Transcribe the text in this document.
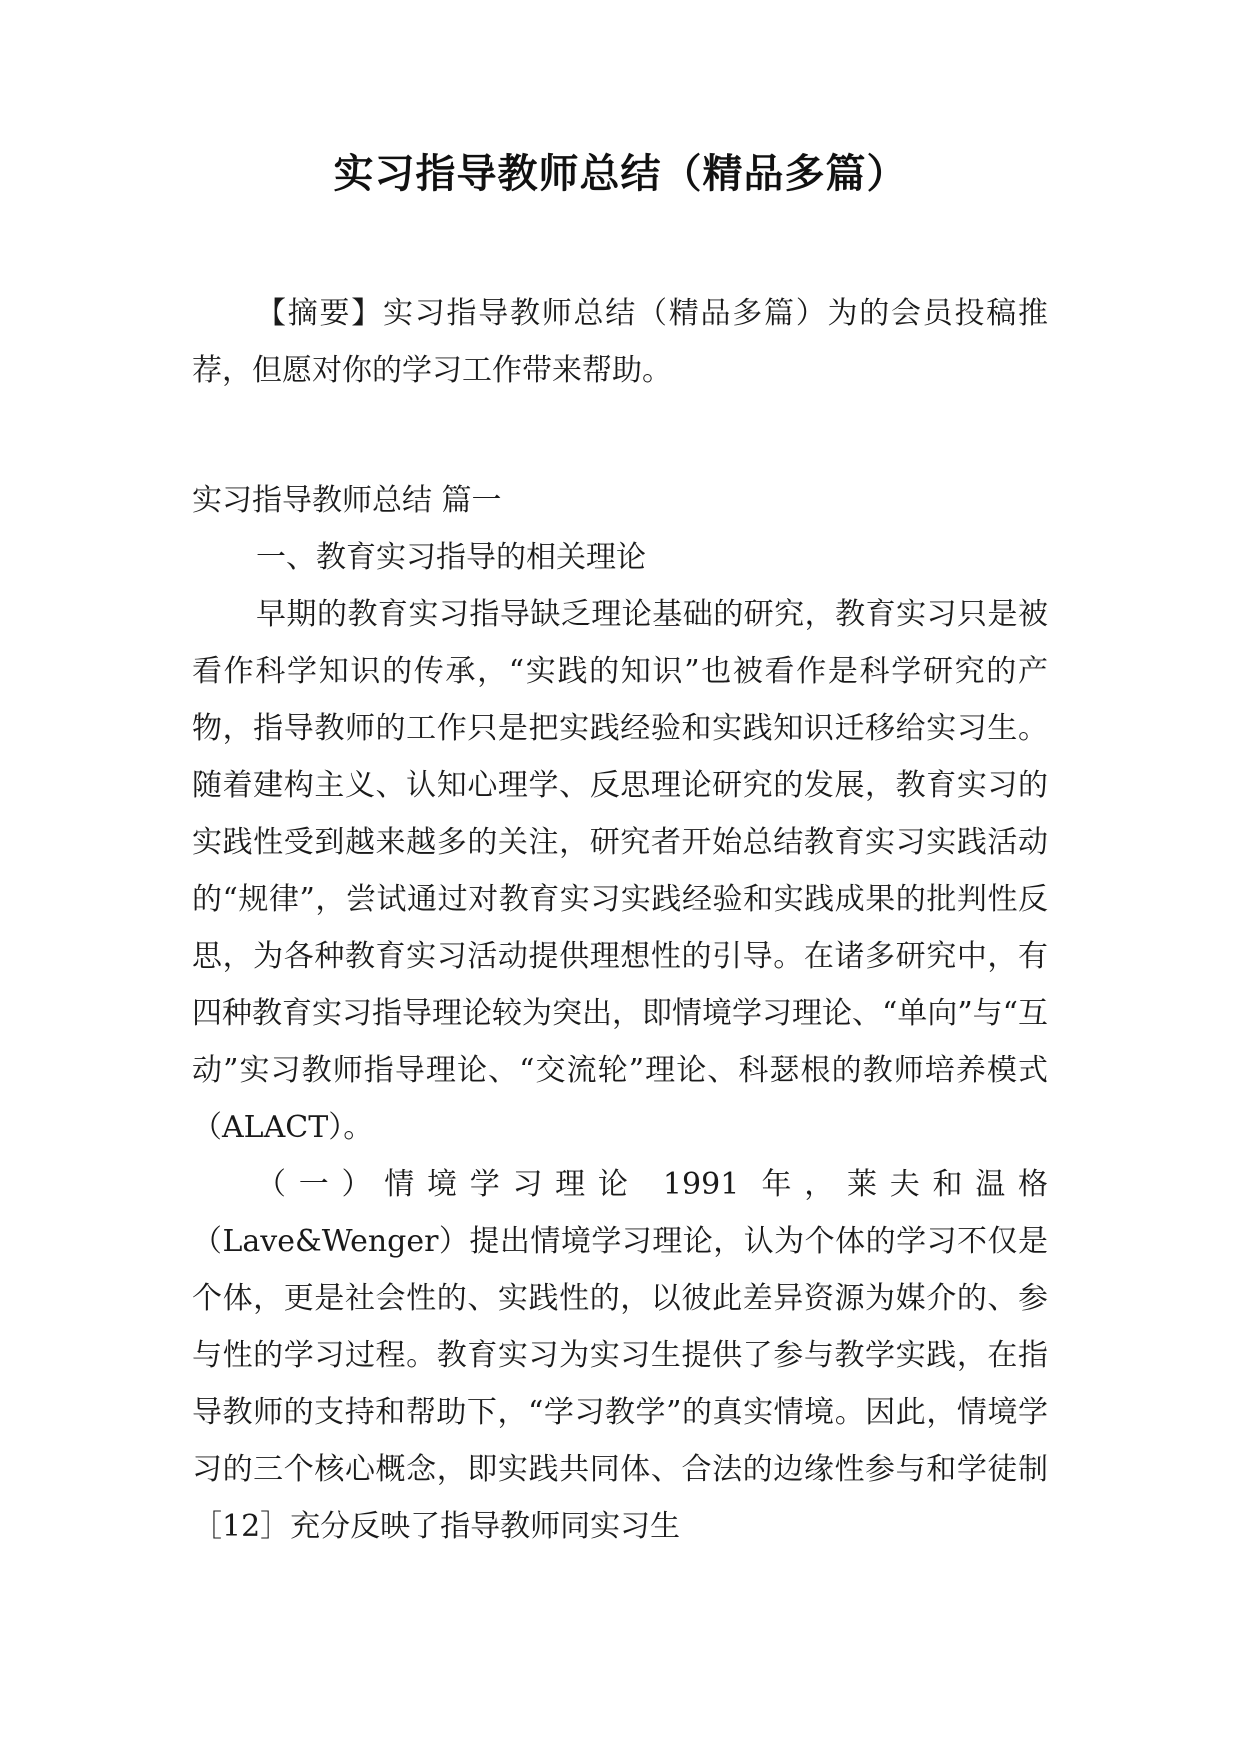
实习指导教师总结（精品多篇）
【摘要】实习指导教师总结（精品多篇）为的会员投稿推荐，但愿对你的学习工作带来帮助。

实习指导教师总结 篇一

一、教育实习指导的相关理论

早期的教育实习指导缺乏理论基础的研究，教育实习只是被看作科学知识的传承，“实践的知识”也被看作是科学研究的产物，指导教师的工作只是把实践经验和实践知识迁移给实习生。随着建构主义、认知心理学、反思理论研究的发展，教育实习的实践性受到越来越多的关注，研究者开始总结教育实习实践活动的“规律”，尝试通过对教育实习实践经验和实践成果的批判性反思，为各种教育实习活动提供理想性的引导。在诸多研究中，有四种教育实习指导理论较为突出，即情境学习理论、“单向”与“互动”实习教师指导理论、“交流轮”理论、科瑟根的教师培养模式（ALACT）。

（一）情境学习理论 1991 年，莱夫和温格（Lave&Wenger）提出情境学习理论，认为个体的学习不仅是个体，更是社会性的、实践性的，以彼此差异资源为媒介的、参与性的学习过程。教育实习为实习生提供了参与教学实践，在指导教师的支持和帮助下，“学习教学”的真实情境。因此，情境学习的三个核心概念，即实践共同体、合法的边缘性参与和学徒制［12］充分反映了指导教师同实习生
